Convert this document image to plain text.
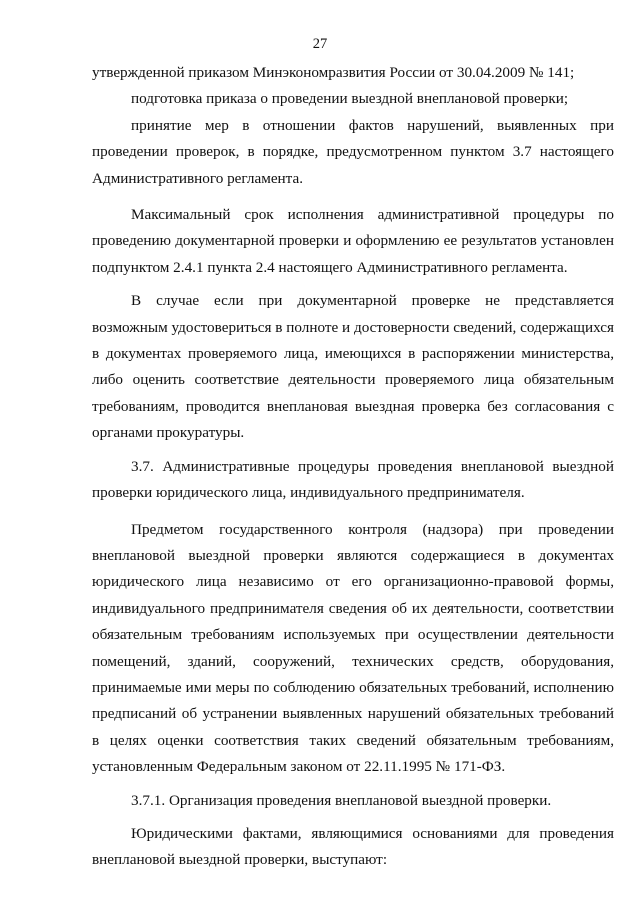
27

утвержденной приказом Минэкономразвития России от 30.04.2009 № 141;

подготовка приказа о проведении выездной внеплановой проверки;

принятие мер в отношении фактов нарушений, выявленных при проведении проверок, в порядке, предусмотренном пунктом 3.7 настоящего Административного регламента.

Максимальный срок исполнения административной процедуры по проведению документарной проверки и оформлению ее результатов установлен подпунктом 2.4.1 пункта 2.4 настоящего Административного регламента.

В случае если при документарной проверке не представляется возможным удостовериться в полноте и достоверности сведений, содержащихся в документах проверяемого лица, имеющихся в распоряжении министерства, либо оценить соответствие деятельности проверяемого лица обязательным требованиям, проводится внеплановая выездная проверка без согласования с органами прокуратуры.

3.7. Административные процедуры проведения внеплановой выездной проверки юридического лица, индивидуального предпринимателя.

Предметом государственного контроля (надзора) при проведении внеплановой выездной проверки являются содержащиеся в документах юридического лица независимо от его организационно-правовой формы, индивидуального предпринимателя сведения об их деятельности, соответствии обязательным требованиям используемых при осуществлении деятельности помещений, зданий, сооружений, технических средств, оборудования, принимаемые ими меры по соблюдению обязательных требований, исполнению предписаний об устранении выявленных нарушений обязательных требований в целях оценки соответствия таких сведений обязательным требованиям, установленным Федеральным законом от 22.11.1995 № 171-ФЗ.

3.7.1. Организация проведения внеплановой выездной проверки.

Юридическими фактами, являющимися основаниями для проведения внеплановой выездной проверки, выступают:
